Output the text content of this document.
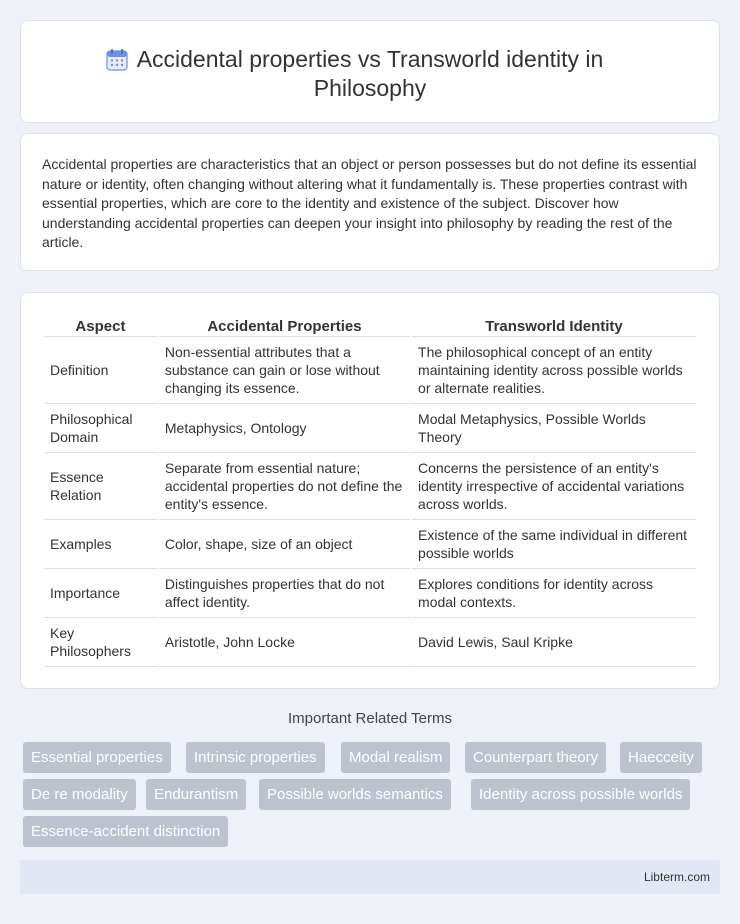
Accidental properties vs Transworld identity in
Philosophy

Accidental properties are characteristics that an object or person possesses but do not define its essential nature or identity, often changing without altering what it fundamentally is. These properties contrast with essential properties, which are core to the identity and existence of the subject. Discover how understanding accidental properties can deepen your insight into philosophy by reading the rest of the article.

Aspect	Accidental Properties	Transworld Identity
Definition	Non-essential attributes that a substance can gain or lose without changing its essence.	The philosophical concept of an entity maintaining identity across possible worlds or alternate realities.
Philosophical Domain	Metaphysics, Ontology	Modal Metaphysics, Possible Worlds Theory
Essence Relation	Separate from essential nature; accidental properties do not define the entity's essence.	Concerns the persistence of an entity's identity irrespective of accidental variations across worlds.
Examples	Color, shape, size of an object	Existence of the same individual in different possible worlds
Importance	Distinguishes properties that do not affect identity.	Explores conditions for identity across modal contexts.
Key Philosophers	Aristotle, John Locke	David Lewis, Saul Kripke
Important Related Terms
Essential properties	Intrinsic properties	Modal realism	Counterpart theory	Haecceity
De re modality	Endurantism	Possible worlds semantics	Identity across possible worlds
Essence-accident distinction
Libterm.com
